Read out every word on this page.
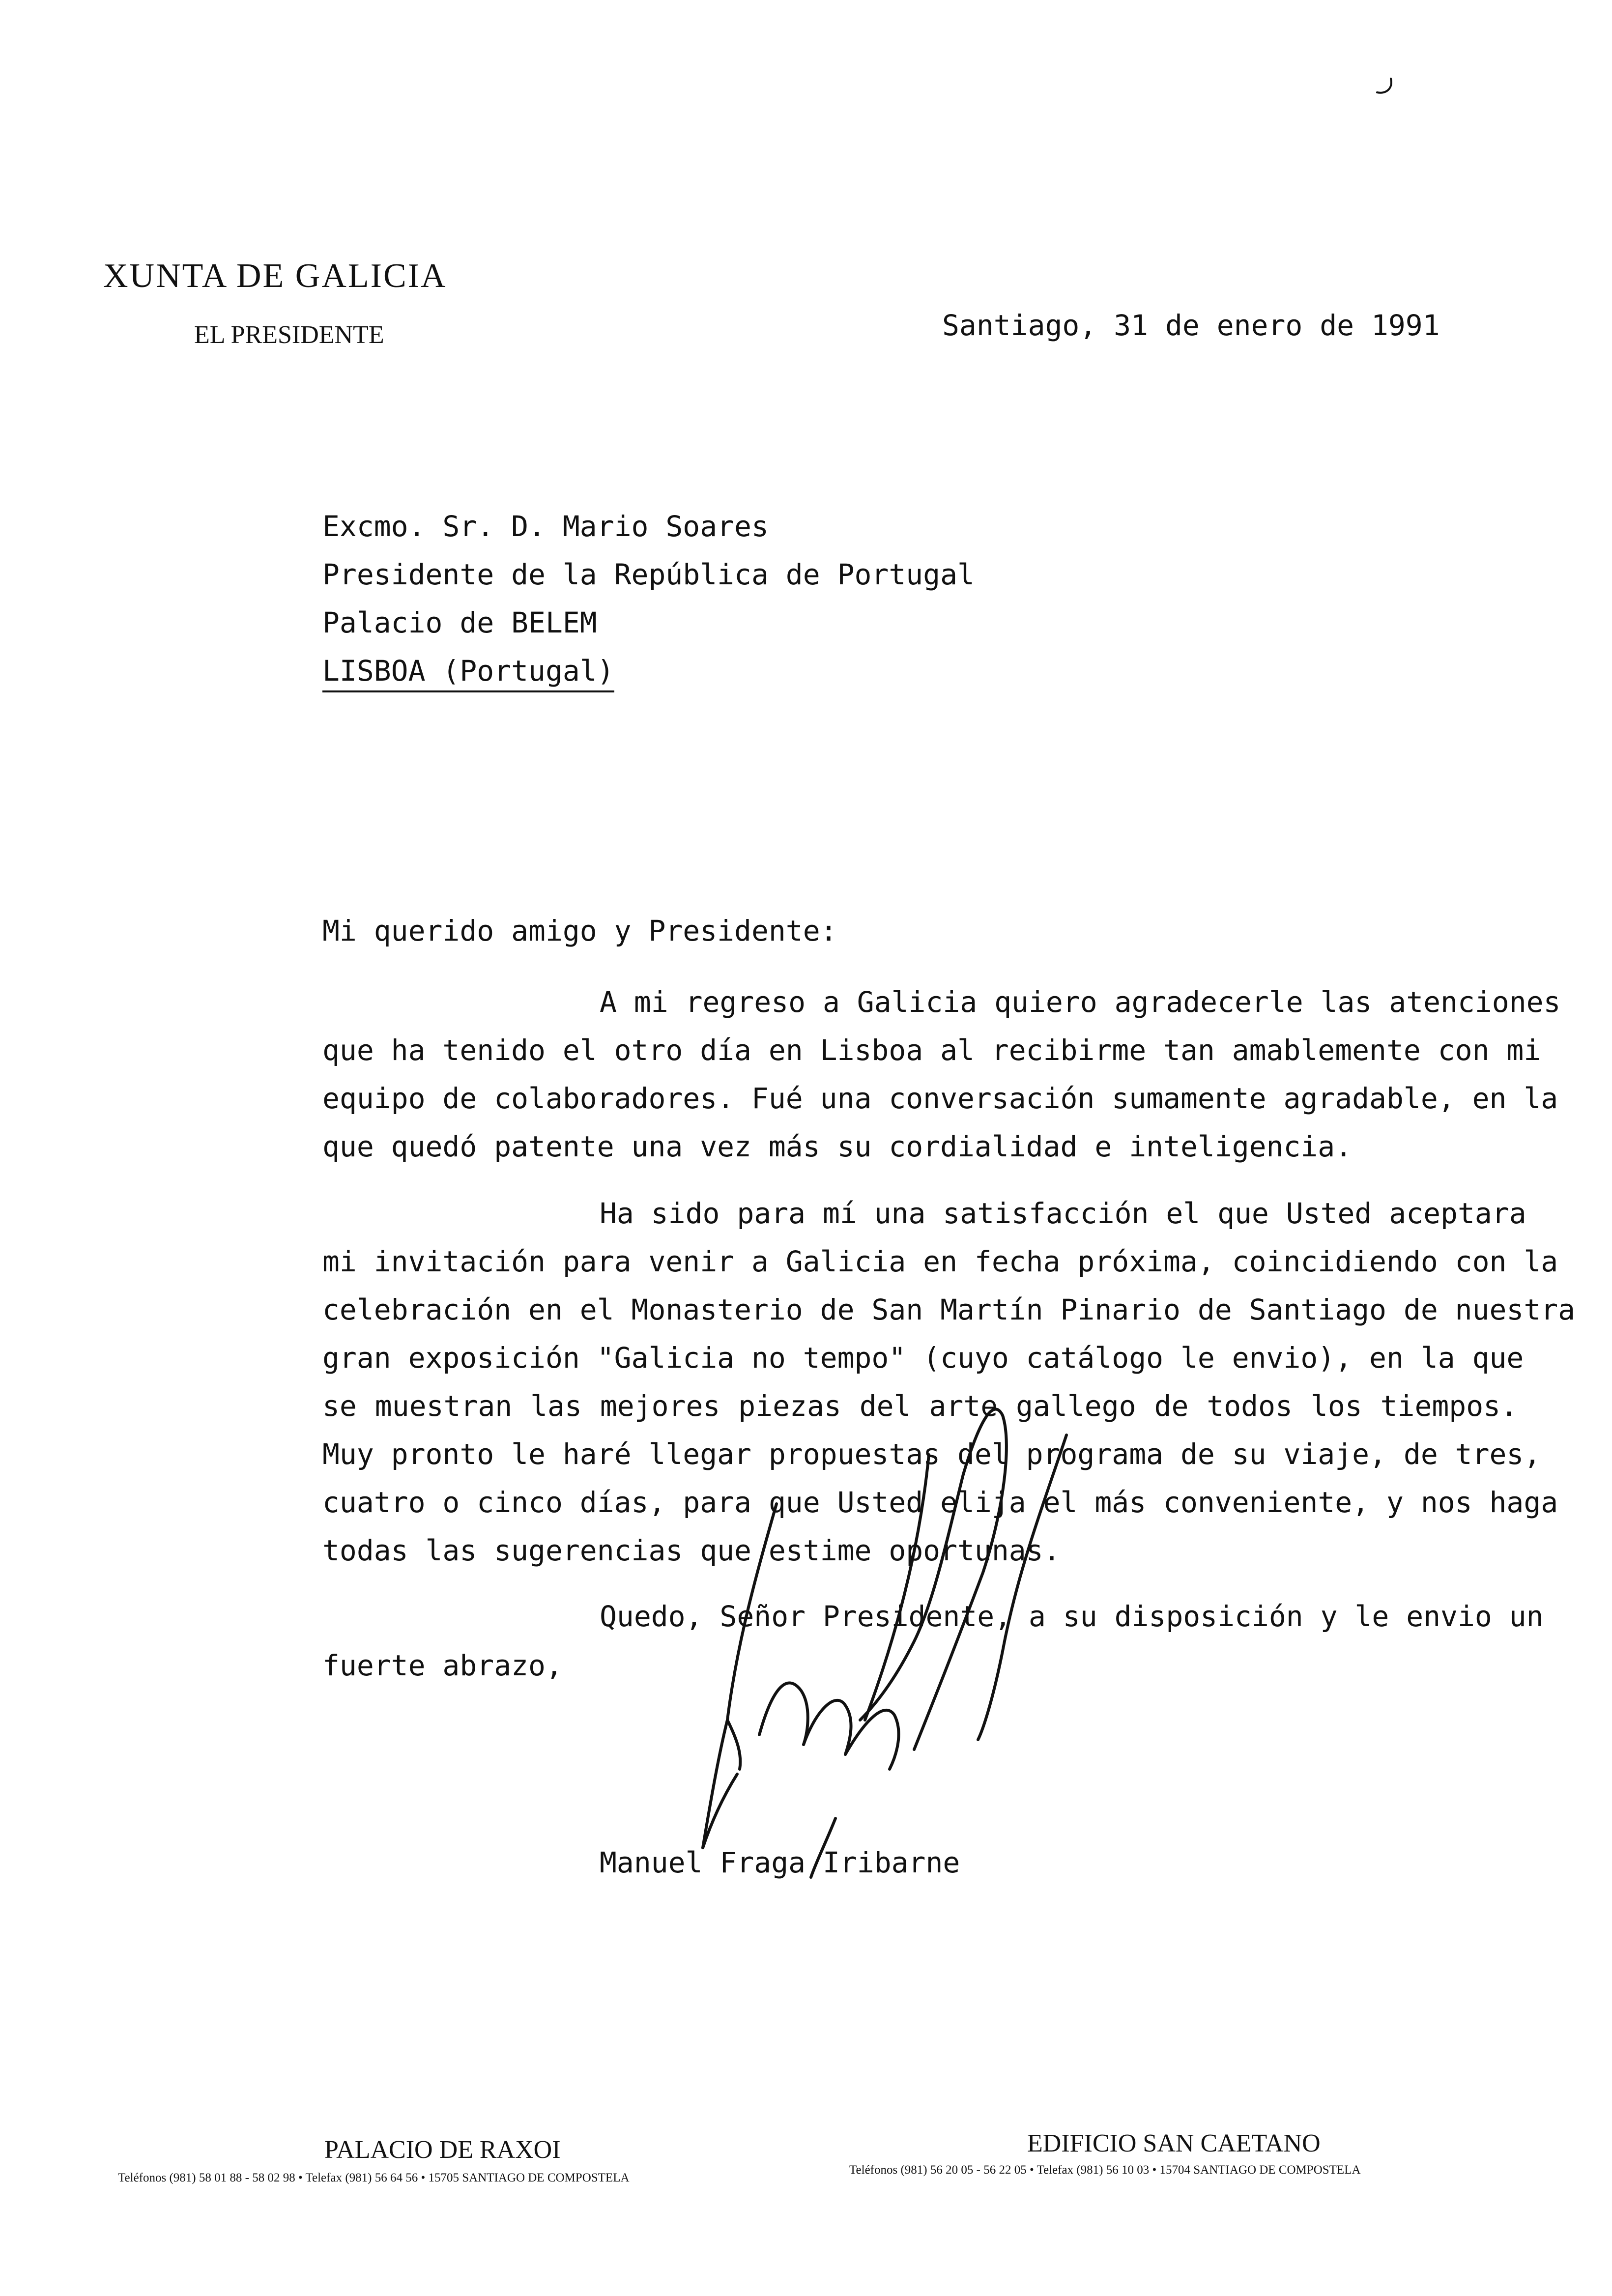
XUNTA DE GALICIA
EL PRESIDENTE	Santiago, 31 de enero de 1991
Excmo. Sr. D. Mario Soares
Presidente de la República de Portugal
Palacio de BELEM
LISBOA (Portugal)
Mi querido amigo y Presidente:
A mi regreso a Galicia quiero agradecerle las atenciones
que ha tenido el otro día en Lisboa al recibirme tan amablemente con mi
equipo de colaboradores. Fué una conversación sumamente agradable, en la
que quedó patente una vez más su cordialidad e inteligencia.
Ha sido para mí una satisfacción el que Usted aceptara
mi invitación para venir a Galicia en fecha próxima, coincidiendo con la
celebración en el Monasterio de San Martín Pinario de Santiago de nuestra
gran exposición "Galicia no tempo" (cuyo catálogo le envio), en la que
se muestran las mejores piezas del arte gallego de todos los tiempos.
Muy pronto le haré llegar propuestas del programa de su viaje, de tres,
cuatro o cinco días, para que Usted elija el más conveniente, y nos haga
todas las sugerencias que estime oportunas.
Quedo, Señor Presidente, a su disposición y le envio un
fuerte abrazo,
Manuel Fraga Iribarne
PALACIO DE RAXOI
Teléfonos (981) 58 01 88 - 58 02 98 • Telefax (981) 56 64 56 • 15705 SANTIAGO DE COMPOSTELA
EDIFICIO SAN CAETANO
Teléfonos (981) 56 20 05 - 56 22 05 • Telefax (981) 56 10 03 • 15704 SANTIAGO DE COMPOSTELA
